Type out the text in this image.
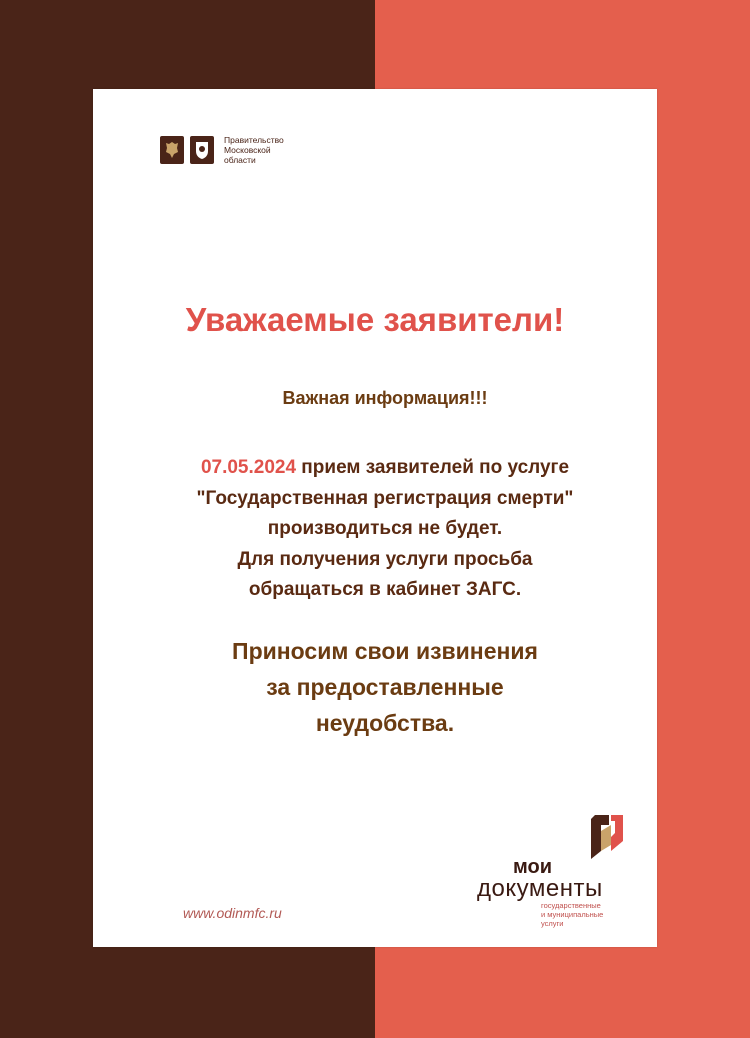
Правительство
Московской
области
Уважаемые заявители!
Важная информация!!!
07.05.2024 прием заявителей по услуге
"Государственная регистрация смерти"
производиться не будет.
Для получения услуги просьба
обращаться в кабинет ЗАГС.
Приносим свои извинения
за предоставленные
неудобства.
www.odinmfc.ru
мои
документы
государственные
и муниципальные услуги
